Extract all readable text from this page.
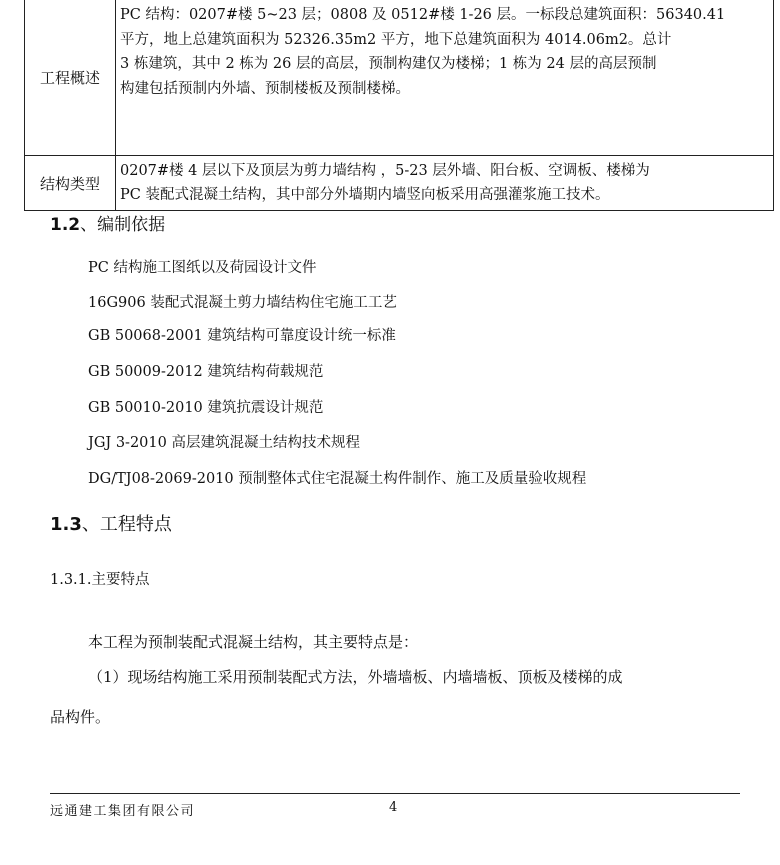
工程概述	PC 结构：0207#楼 5~23 层；0808 及 0512#楼 1-26 层。一标段总建筑面积：56340.41
平方，地上总建筑面积为 52326.35m2 平方，地下总建筑面积为 4014.06m2。总计
3 栋建筑，其中 2 栋为 26 层的高层，预制构建仅为楼梯；1 栋为 24 层的高层预制
构建包括预制内外墙、预制楼板及预制楼梯。

结构类型	0207#楼 4 层以下及顶层为剪力墙结构 ，5-23 层外墙、阳台板、空调板、楼梯为
PC 装配式混凝土结构，其中部分外墙期内墙竖向板采用高强灌浆施工技术。
1.2、编制依据
PC 结构施工图纸以及荷园设计文件
16G906 装配式混凝土剪力墙结构住宅施工工艺
GB 50068-2001 建筑结构可靠度设计统一标准
GB 50009-2012 建筑结构荷载规范
GB 50010-2010 建筑抗震设计规范
JGJ 3-2010 高层建筑混凝土结构技术规程
DG/TJ08-2069-2010 预制整体式住宅混凝土构件制作、施工及质量验收规程
1.3、工程特点
1.3.1.主要特点
本工程为预制装配式混凝土结构，其主要特点是：
（1）现场结构施工采用预制装配式方法，外墙墙板、内墙墙板、顶板及楼梯的成
品构件。
远通建工集团有限公司	4
